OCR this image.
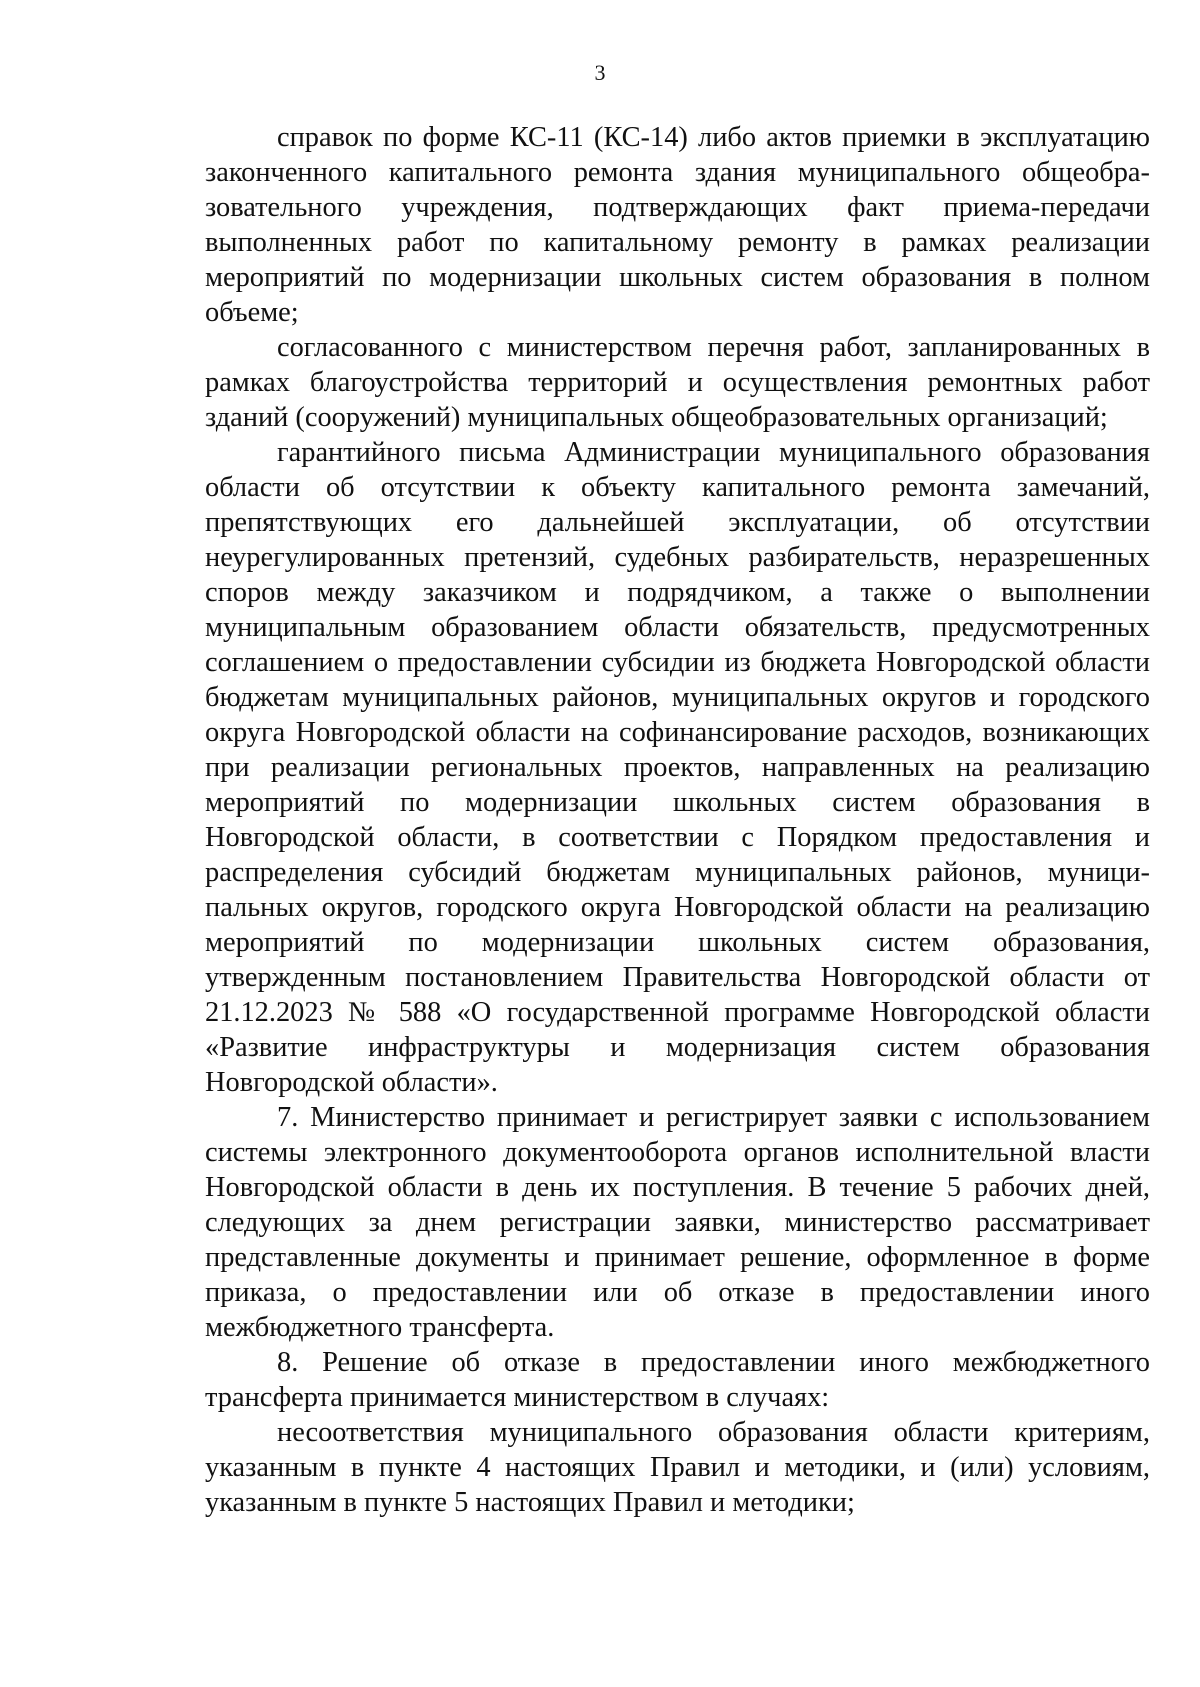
3

справок по форме КС-11 (КС-14) либо актов приемки в эксплуатацию законченного капитального ремонта здания муниципального общеобразовательного учреждения, подтверждающих факт приема-передачи выполненных работ по капитальному ремонту в рамках реализации мероприятий по модернизации школьных систем образования в полном объеме;

согласованного с министерством перечня работ, запланированных в рамках благоустройства территорий и осуществления ремонтных работ зданий (сооружений) муниципальных общеобразовательных организаций;

гарантийного письма Администрации муниципального образования области об отсутствии к объекту капитального ремонта замечаний, препятствующих его дальнейшей эксплуатации, об отсутствии неурегулированных претензий, судебных разбирательств, неразрешенных споров между заказчиком и подрядчиком, а также о выполнении муниципальным образованием области обязательств, предусмотренных соглашением о предоставлении субсидии из бюджета Новгородской области бюджетам муниципальных районов, муниципальных округов и городского округа Новгородской области на софинансирование расходов, возникающих при реализации региональных проектов, направленных на реализацию мероприятий по модернизации школьных систем образования в Новгородской области, в соответствии с Порядком предоставления и распределения субсидий бюджетам муниципальных районов, муниципальных округов, городского округа Новгородской области на реализацию мероприятий по модернизации школьных систем образования, утвержденным постановлением Правительства Новгородской области от 21.12.2023 № 588 «О государственной программе Новгородской области «Развитие инфраструктуры и модернизация систем образования Новгородской области».

7. Министерство принимает и регистрирует заявки с использованием системы электронного документооборота органов исполнительной власти Новгородской области в день их поступления. В течение 5 рабочих дней, следующих за днем регистрации заявки, министерство рассматривает представленные документы и принимает решение, оформленное в форме приказа, о предоставлении или об отказе в предоставлении иного межбюджетного трансферта.

8. Решение об отказе в предоставлении иного межбюджетного трансферта принимается министерством в случаях:

несоответствия муниципального образования области критериям, указанным в пункте 4 настоящих Правил и методики, и (или) условиям, указанным в пункте 5 настоящих Правил и методики;
